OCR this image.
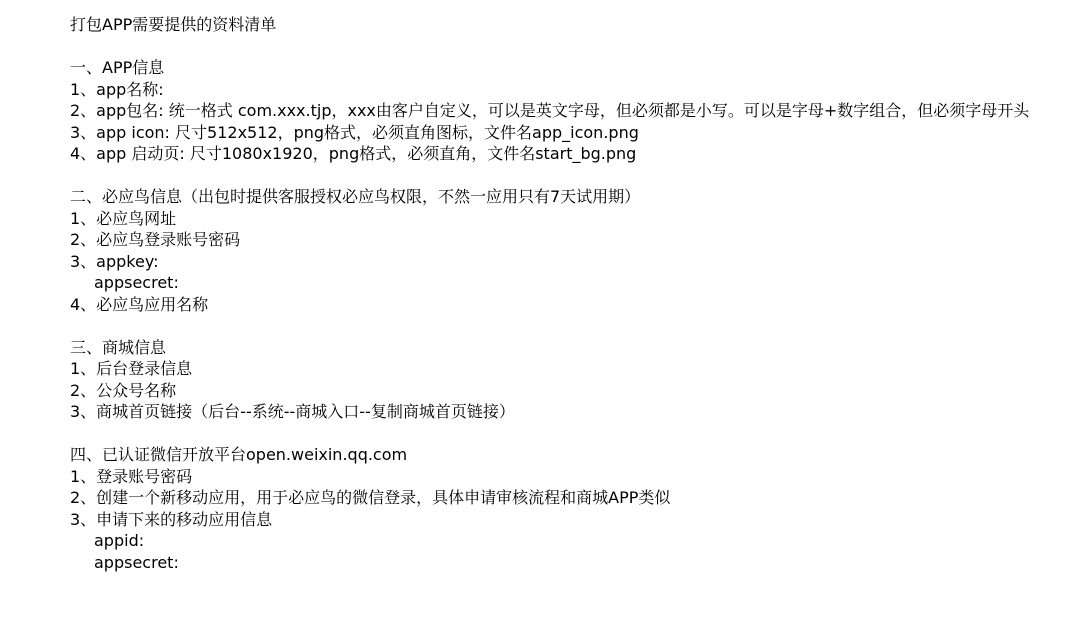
打包APP需要提供的资料清单
一、APP信息
1、app名称:
2、app包名: 统一格式 com.xxx.tjp，xxx由客户自定义，可以是英文字母，但必须都是小写。可以是字母+数字组合，但必须字母开头
3、app icon: 尺寸512x512，png格式，必须直角图标，文件名app_icon.png
4、app 启动页: 尺寸1080x1920，png格式，必须直角，文件名start_bg.png
二、必应鸟信息（出包时提供客服授权必应鸟权限，不然一应用只有7天试用期）
1、必应鸟网址
2、必应鸟登录账号密码
3、appkey:
appsecret:
4、必应鸟应用名称
三、商城信息
1、后台登录信息
2、公众号名称
3、商城首页链接（后台--系统--商城入口--复制商城首页链接）
四、已认证微信开放平台open.weixin.qq.com
1、登录账号密码
2、创建一个新移动应用，用于必应鸟的微信登录，具体申请审核流程和商城APP类似
3、申请下来的移动应用信息
appid:
appsecret:
